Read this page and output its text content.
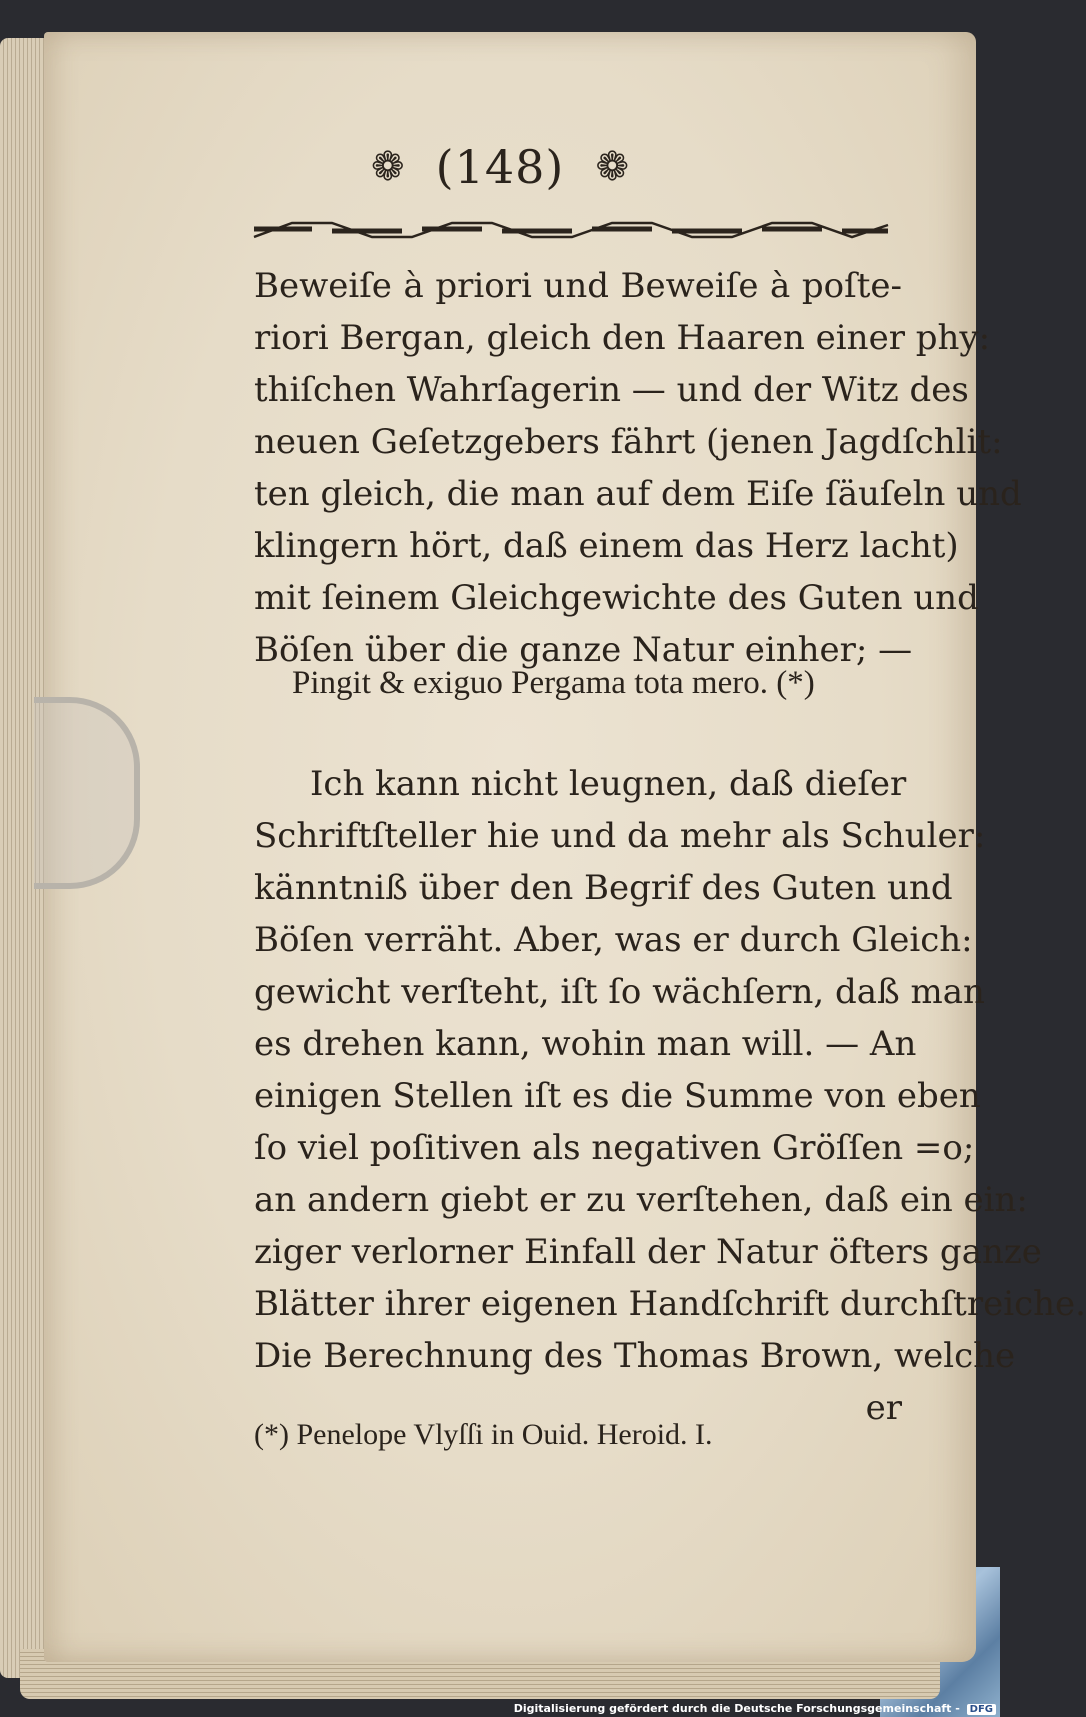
❁ (148) ❁
Beweiſe à priori und Beweiſe à poſte-
riori Bergan, gleich den Haaren einer phy:
thiſchen Wahrſagerin — und der Witz des
neuen Geſetzgebers fährt (jenen Jagdſchlit:
ten gleich, die man auf dem Eiſe ſäuſeln und
klingern hört, daß einem das Herz lacht)
mit ſeinem Gleichgewichte des Guten und
Böſen über die ganze Natur einher; —
Pingit & exiguo Pergama tota mero. (*)
Ich kann nicht leugnen, daß dieſer
Schriftſteller hie und da mehr als Schuler:
känntniß über den Begrif des Guten und
Böſen verräht. Aber, was er durch Gleich:
gewicht verſteht, iſt ſo wächſern, daß man
es drehen kann, wohin man will. — An
einigen Stellen iſt es die Summe von eben
ſo viel poſitiven als negativen Gröſſen =o;
an andern giebt er zu verſtehen, daß ein ein:
ziger verlorner Einfall der Natur öfters ganze
Blätter ihrer eigenen Handſchrift durchſtreiche.
Die Berechnung des Thomas Brown, welche
er
(*) Penelope Vlyſſi in Ouid. Heroid. I.
Digitalisierung gefördert durch die Deutsche Forschungsgemeinschaft - DFG
